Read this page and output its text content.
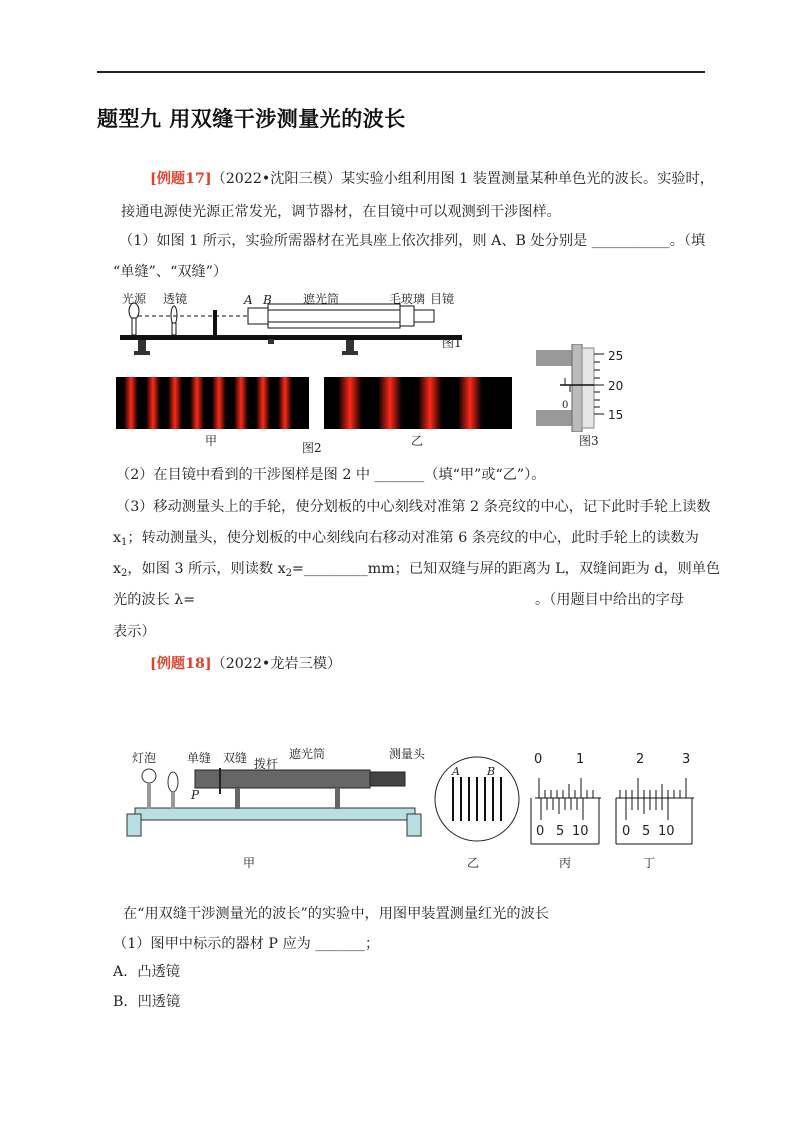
题型九 用双缝干涉测量光的波长
[例题17]（2022•沈阳三模）某实验小组利用图 1 装置测量某种单色光的波长。实验时，
接通电源使光源正常发光，调节器材，在目镜中可以观测到干涉图样。
（1）如图 1 所示，实验所需器材在光具座上依次排列，则 A、B 处分别是 ___________。（填
“单缝”、“双缝”）
光源 透镜	A B	遮光筒	毛玻璃 目镜
图1
甲	乙
图2
25
20
15
0
图3
（2）在目镜中看到的干涉图样是图 2 中 _______（填“甲”或“乙”）。
（3）移动测量头上的手轮，使分划板的中心刻线对准第 2 条亮纹的中心，记下此时手轮上读数
$x_1$；转动测量头，使分划板的中心刻线向右移动对准第 6 条亮纹的中心，此时手轮上的读数为
$x_2$，如图 3 所示，则读数 $x_2=\_\_\_\_\_\_\_\_\_mm$；已知双缝与屏的距离为 L，双缝间距为 d，则单色
光的波长 λ=	。（用题目中给出的字母
表示）
[例题18]（2022•龙岩三模）
灯泡	单缝 双缝 拨杆
遮光筒	测量头
P
甲
A B
乙
0	1
0 5 10
丙
2	3
0 5 10
丁
在“用双缝干涉测量光的波长”的实验中，用图甲装置测量红光的波长
（1）图甲中标示的器材 P 应为 _______；
A．凸透镜
B．凹透镜
